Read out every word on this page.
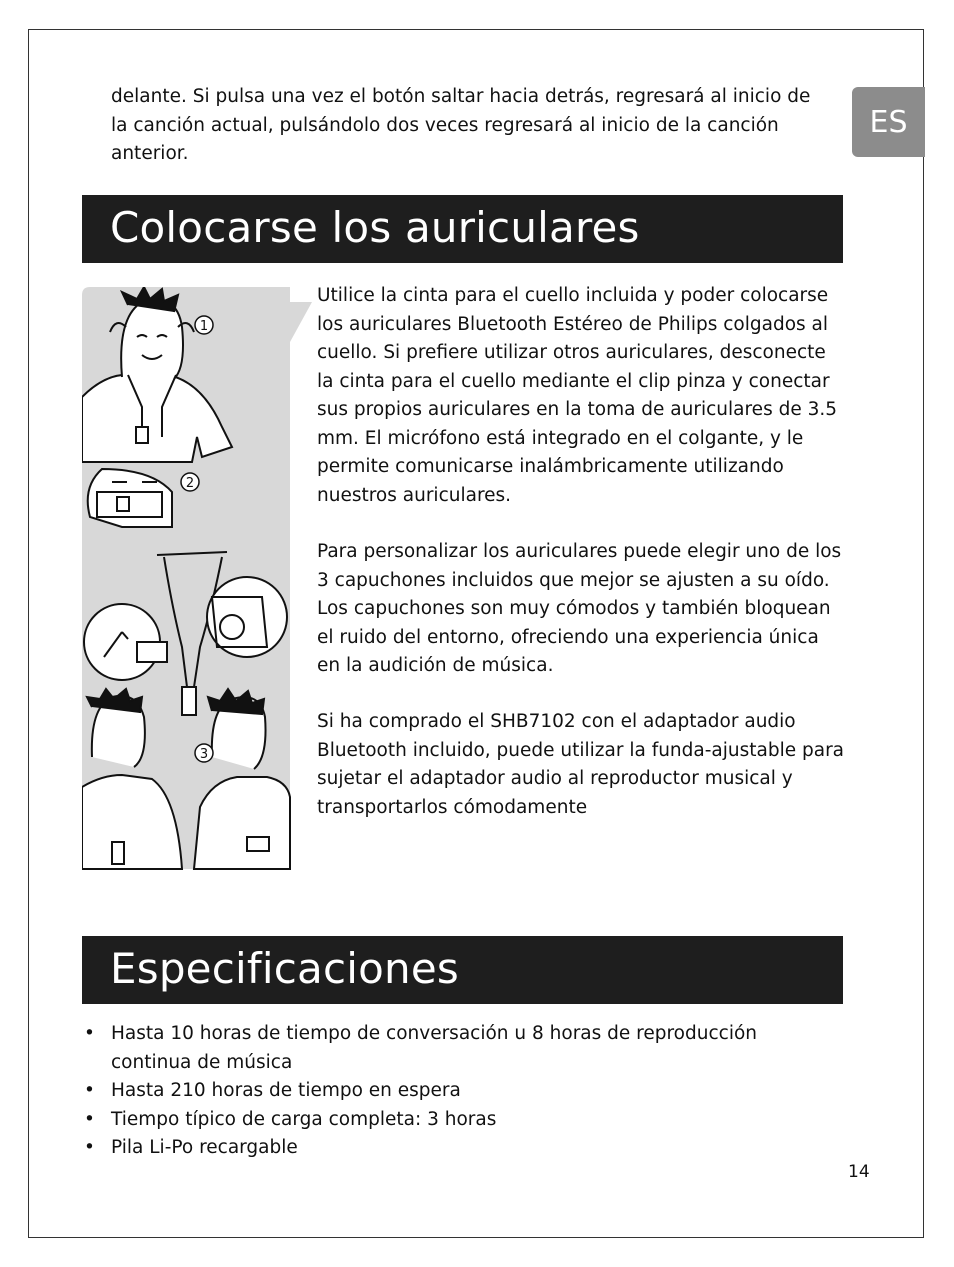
ES

delante. Si pulsa una vez el botón saltar hacia detrás, regresará al inicio de la canción actual, pulsándolo dos veces regresará al inicio de la canción anterior.

Colocarse los auriculares
1
2
3

Utilice la cinta para el cuello incluida y poder colocarse los auriculares Bluetooth Estéreo de Philips colgados al cuello. Si prefiere utilizar otros auriculares, desconecte la cinta para el cuello mediante el clip pinza y conectar sus propios auriculares en la toma de auriculares de 3.5 mm. El micrófono está integrado en el colgante, y le permite comunicarse inalámbricamente utilizando nuestros auriculares.

Para personalizar los auriculares puede elegir uno de los 3 capuchones incluidos que mejor se ajusten a su oído. Los capuchones son muy cómodos y también bloquean el ruido del entorno, ofreciendo una experiencia única en la audición de música.

Si ha comprado el SHB7102 con el adaptador audio Bluetooth incluido, puede utilizar la funda-ajustable para sujetar el adaptador audio al reproductor musical y transportarlos cómodamente

Especificaciones
• Hasta 10 horas de tiempo de conversación u 8 horas de reproducción continua de música
• Hasta 210 horas de tiempo en espera
• Tiempo típico de carga completa: 3 horas
• Pila Li-Po recargable
14
